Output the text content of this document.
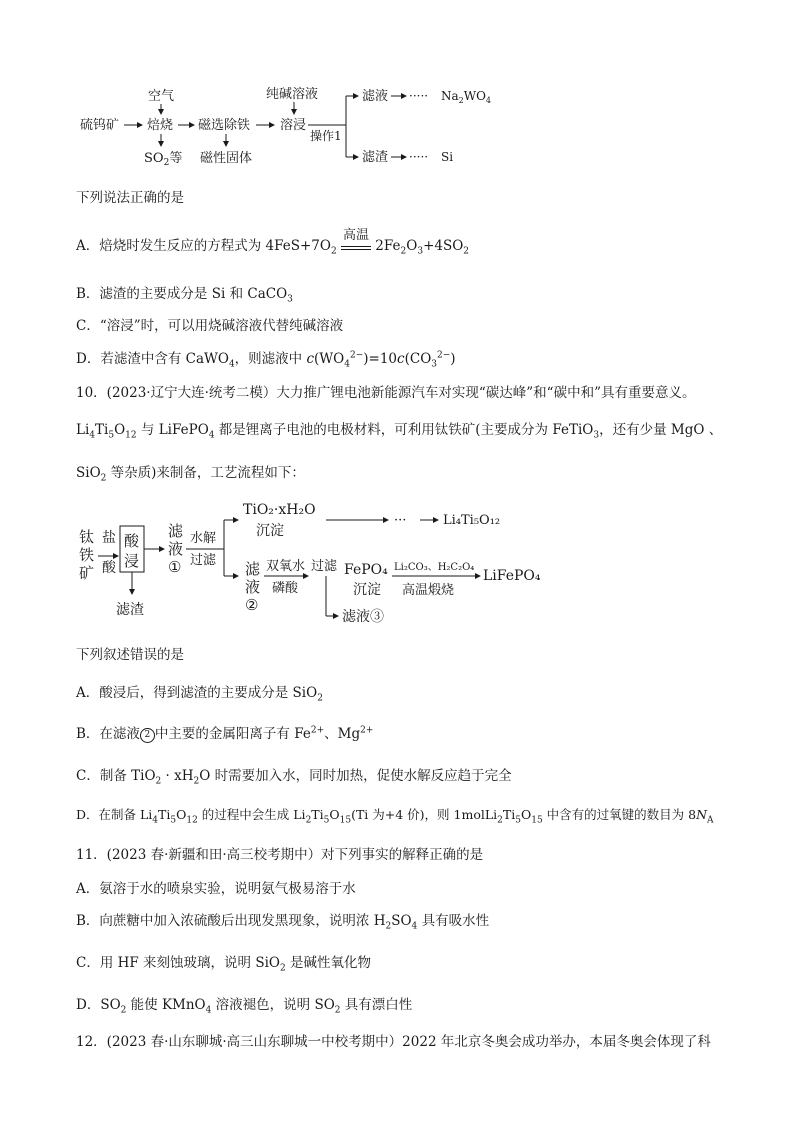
硫钨矿
空气
焙烧
$SO_2$等
磁选除铁
磁性固体
纯碱溶液
溶浸
操作1
滤液 ····· $Na_2WO_4$
滤渣 ····· Si
下列说法正确的是
A．焙烧时发生反应的方程式为 $4FeS+7O_2$
高温
$2Fe_2O_3+4SO_2$
B．滤渣的主要成分是 Si 和 CaCO$_3$
C．“溶浸”时，可以用烧碱溶液代替纯碱溶液
D．若滤渣中含有 CaWO$_4$，则滤液中 $c(WO_4^{2-})=10c(CO_3^{2-})$
10．(2023·辽宁大连·统考二模）大力推广锂电池新能源汽车对实现“碳达峰”和“碳中和”具有重要意义。
$Li_4Ti_5O_{12}$ 与 LiFePO$_4$ 都是锂离子电池的电极材料，可利用钛铁矿(主要成分为 FeTiO$_3$，还有少量 MgO 、
SiO$_2$ 等杂质)来制备，工艺流程如下：
钛
铁
矿
盐
酸
酸
浸
滤渣
滤
液
①
水解
过滤
TiO₂·xH₂O
沉淀
···	Li₄Ti₅O₁₂
滤
液
②
双氧水
磷酸
过滤
滤液③
FePO₄
沉淀
Li₂CO₃、H₂C₂O₄
高温煅烧
LiFePO₄
下列叙述错误的是
A．酸浸后，得到滤渣的主要成分是 SiO$_2$
B．在滤液 2 中主要的金属阳离子有 $Fe^{2+}$、$Mg^{2+}$
C．制备 $TiO_2 \cdot xH_2O$ 时需要加入水，同时加热，促使水解反应趋于完全
D．在制备 $Li_4Ti_5O_{12}$ 的过程中会生成 $Li_2Ti_5O_{15}(Ti$ 为+4 价)，则 $1molLi_2Ti_5O_{15}$ 中含有的过氧键的数目为 $8N_A$
11．(2023 春·新疆和田·高三校考期中）对下列事实的解释正确的是
A．氨溶于水的喷泉实验，说明氨气极易溶于水
B．向蔗糖中加入浓硫酸后出现发黑现象，说明浓 $H_2SO_4$ 具有吸水性
C．用 HF 来刻蚀玻璃，说明 SiO$_2$ 是碱性氧化物
D．$SO_2$ 能使 KMnO$_4$ 溶液褪色，说明 $SO_2$ 具有漂白性
12．(2023 春·山东聊城·高三山东聊城一中校考期中）2022 年北京冬奥会成功举办，本届冬奥会体现了科
